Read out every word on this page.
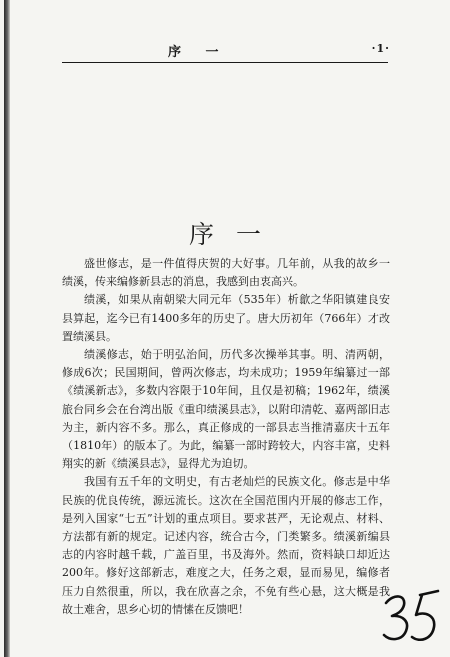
序 一	·1·
序一

盛世修志，是一件值得庆贺的大好事。几年前，从我的故乡一绩溪，传来编修新县志的消息，我感到由衷高兴。

绩溪，如果从南朝梁大同元年（535年）析歙之华阳镇建良安县算起，迄今已有1400多年的历史了。唐大历初年（766年）才改置绩溪县。

绩溪修志，始于明弘治间，历代多次操举其事。明、清两朝，修成6次；民国期间，曾两次修志，均未成功；1959年编纂过一部《绩溪新志》，多数内容限于10年间，且仅是初稿；1962年，绩溪旅台同乡会在台湾出版《重印绩溪县志》，以附印清乾、嘉两部旧志为主，新内容不多。那么，真正修成的一部县志当推清嘉庆十五年（1810年）的版本了。为此，编纂一部时跨较大，内容丰富，史料翔实的新《绩溪县志》，显得尤为迫切。

我国有五千年的文明史，有古老灿烂的民族文化。修志是中华民族的优良传统，源远流长。这次在全国范围内开展的修志工作，是列入国家“七五”计划的重点项目。要求甚严，无论观点、材料、方法都有新的规定。记述内容，统合古今，门类繁多。绩溪新编县志的内容时越千载，广盖百里，书及海外。然而，资料缺口却近达200年。修好这部新志，难度之大，任务之艰，显而易见，编修者压力自然很重，所以，我在欣喜之余，不免有些心悬，这大概是我故土难舍，思乡心切的情愫在反馈吧！
